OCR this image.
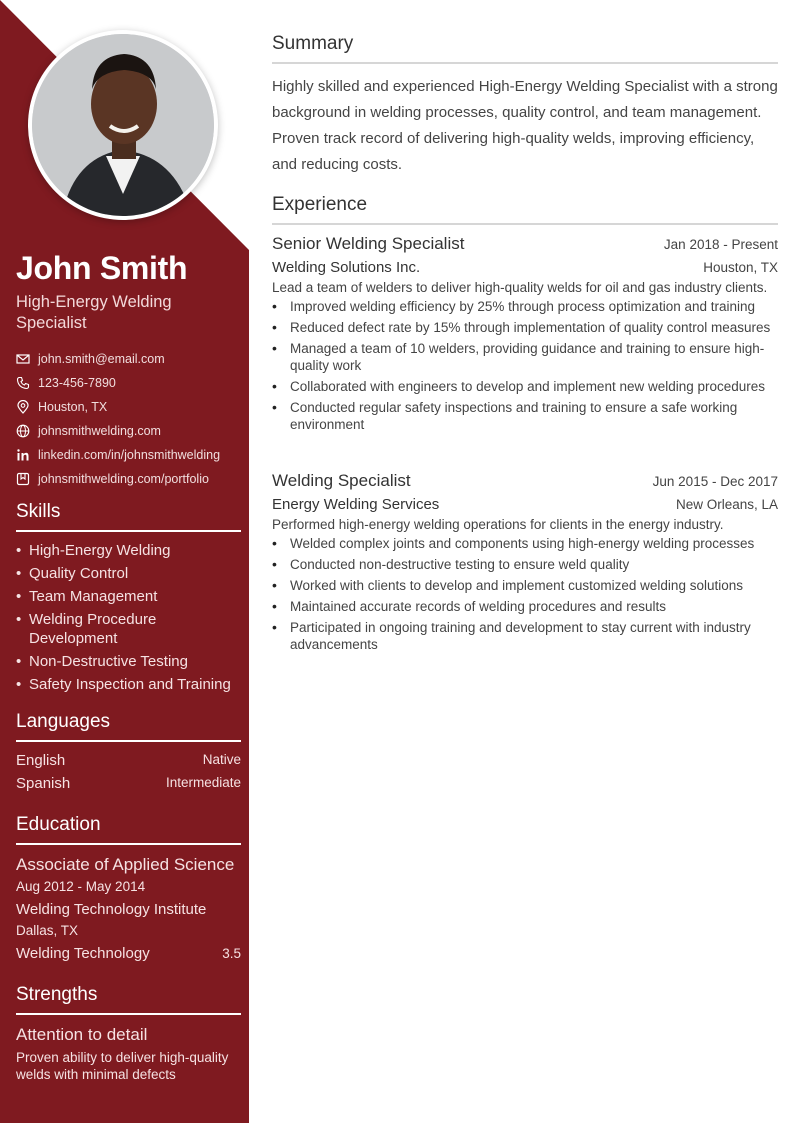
John Smith
High-Energy Welding Specialist
john.smith@email.com
123-456-7890
Houston, TX
johnsmithwelding.com
linkedin.com/in/johnsmithwelding
johnsmithwelding.com/portfolio
Skills
• High-Energy Welding
• Quality Control
• Team Management
• Welding Procedure Development
• Non-Destructive Testing
• Safety Inspection and Training
Languages
English	Native
Spanish	Intermediate
Education
Associate of Applied Science
Aug 2012 - May 2014
Welding Technology Institute
Dallas, TX
Welding Technology	3.5
Strengths
Attention to detail
Proven ability to deliver high-quality welds with minimal defects
Summary
Highly skilled and experienced High-Energy Welding Specialist with a strong background in welding processes, quality control, and team management. Proven track record of delivering high-quality welds, improving efficiency, and reducing costs.
Experience
Senior Welding Specialist	Jan 2018 - Present
Welding Solutions Inc.	Houston, TX
Lead a team of welders to deliver high-quality welds for oil and gas industry clients.
• Improved welding efficiency by 25% through process optimization and training
• Reduced defect rate by 15% through implementation of quality control measures
• Managed a team of 10 welders, providing guidance and training to ensure high-quality work
• Collaborated with engineers to develop and implement new welding procedures
• Conducted regular safety inspections and training to ensure a safe working environment
Welding Specialist	Jun 2015 - Dec 2017
Energy Welding Services	New Orleans, LA
Performed high-energy welding operations for clients in the energy industry.
• Welded complex joints and components using high-energy welding processes
• Conducted non-destructive testing to ensure weld quality
• Worked with clients to develop and implement customized welding solutions
• Maintained accurate records of welding procedures and results
• Participated in ongoing training and development to stay current with industry advancements
